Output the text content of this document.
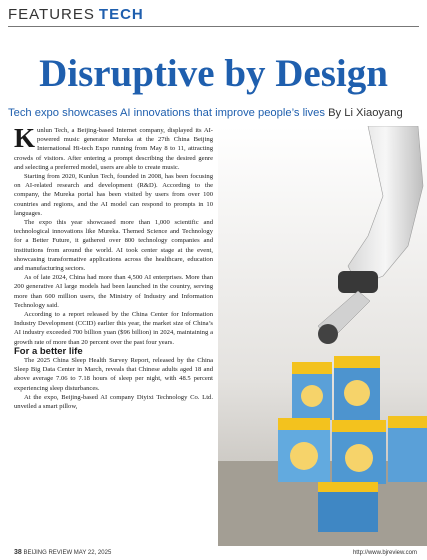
FEATURES TECH
Disruptive by Design
Tech expo showcases AI innovations that improve people’s lives By Li Xiaoyang

Kunlun Tech, a Beijing-based Internet company, displayed its AI-powered music generator Mureka at the 27th China Beijing International Hi-tech Expo running from May 8 to 11, attracting crowds of visitors. After entering a prompt describing the desired genre and selecting a preferred model, users are able to create music.

Starting from 2020, Kunlun Tech, founded in 2008, has been focusing on AI-related research and development (R&D). According to the company, the Mureka portal has been visited by users from over 100 countries and regions, and the AI model can respond to prompts in 10 languages.

The expo this year showcased more than 1,000 scientific and technological innovations like Mureka. Themed Science and Technology for a Better Future, it gathered over 800 technology companies and institutions from around the world. AI took center stage at the event, showcasing transformative applications across the healthcare, education and manufacturing sectors.

As of late 2024, China had more than 4,500 AI enterprises. More than 200 generative AI large models had been launched in the country, serving more than 600 million users, the Ministry of Industry and Information Technology said.

According to a report released by the China Center for Information Industry Development (CCID) earlier this year, the market size of China’s AI industry exceeded 700 billion yuan ($96 billion) in 2024, maintaining a growth rate of more than 20 percent over the past four years.

For a better life

The 2025 China Sleep Health Survey Report, released by the China Sleep Big Data Center in March, reveals that Chinese adults aged 18 and above average 7.06 to 7.18 hours of sleep per night, with 48.5 percent experiencing sleep disturbances.

At the expo, Beijing-based AI company Diyixi Technology Co. Ltd. unveiled a smart pillow,

38 BEIJING REVIEW MAY 22, 2025	http://www.bjreview.com
